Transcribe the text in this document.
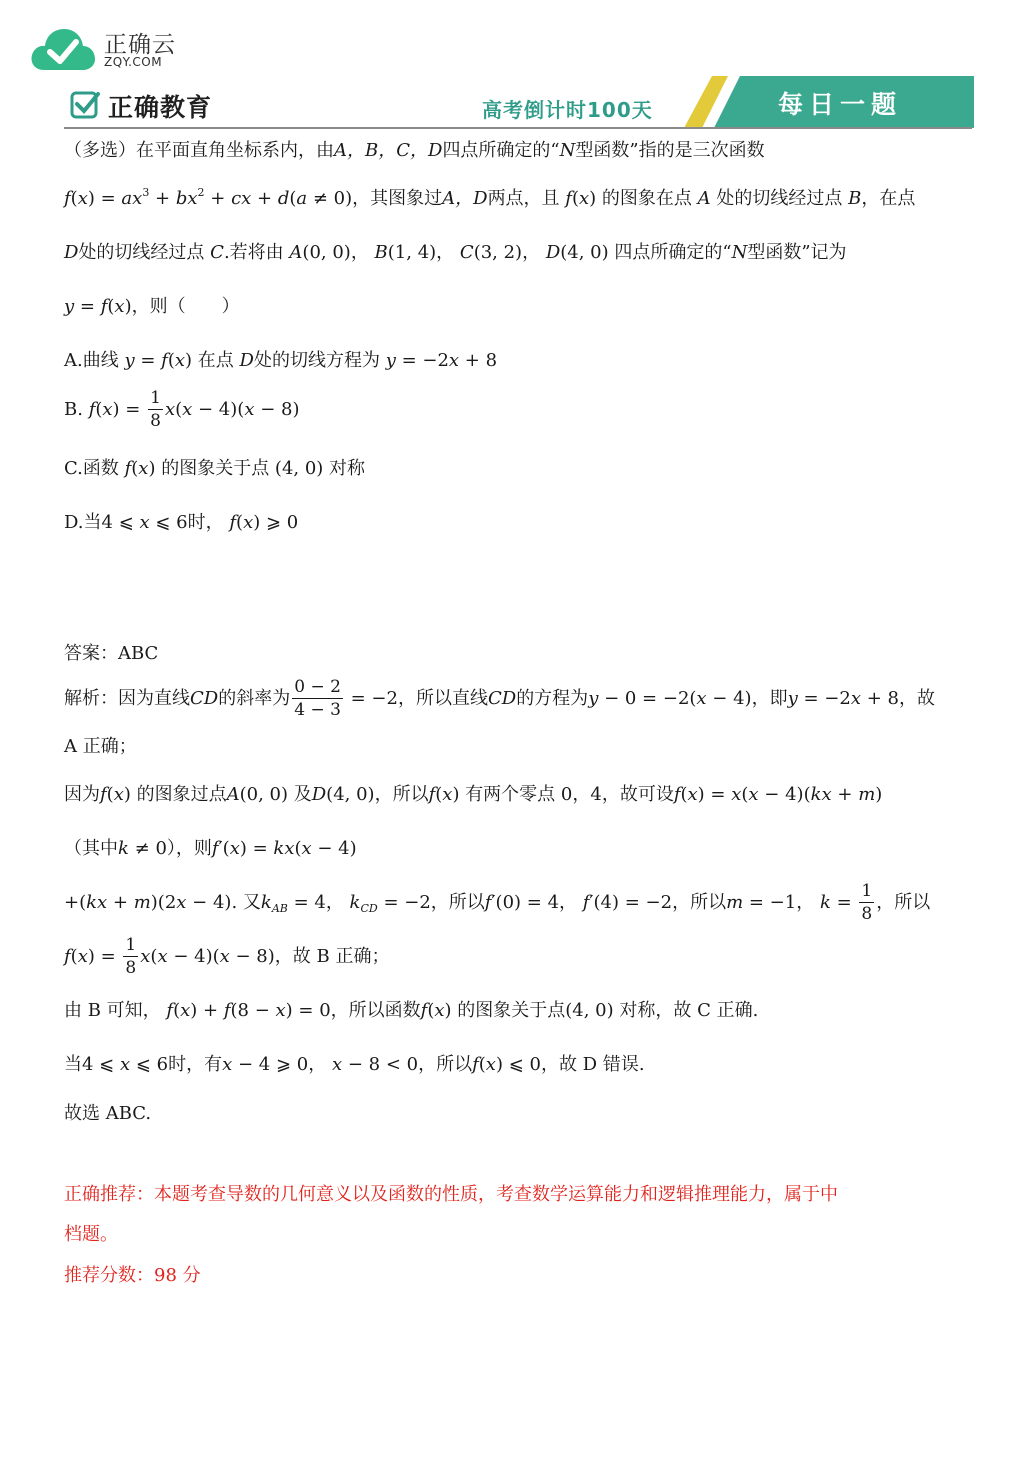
正确云
ZQY.COM
正确教育	高考倒计时100天	每日一题
（多选）在平面直角坐标系内，由A，B，C，D四点所确定的“N型函数”指的是三次函数
$f(x) = ax^3 + bx^2$ + cx + d(a ≠ 0)，其图象过A，D两点，且 f(x) 的图象在点 A 处的切线经过点 B，在点
D处的切线经过点 C.若将由 A(0, 0)， B(1, 4)， C(3, 2)， D(4, 0) 四点所确定的“N型函数”记为
y = f(x)，则（　　）
A.曲线 y = f(x) 在点 D处的切线方程为 y = −2x + 8
B. $f(x) = \frac{1}{8} x(x - 4)(x - 8)$
C.函数 f(x) 的图象关于点 (4, 0) 对称
D.当4 ⩽ x ⩽ 6时， f(x) ⩾ 0
答案：ABC
解析：因为直线CD的斜率为 $\frac{0 - 2}{4 - 3} = -2$，所以直线CD的方程为y − 0 = −2(x − 4)，即y = −2x + 8，故
A 正确；
因为f(x) 的图象过点A(0, 0) 及D(4, 0)，所以f(x) 有两个零点 0，4，故可设f(x) = x(x − 4)(kx + m)
（其中k ≠ 0），则f′(x) = kx(x − 4)
+(kx + m)(2x − 4). 又$k_{AB} = 4$， $k_{CD} = -2$，所以f′(0) = 4， f′(4) = −2，所以m = −1， $k = \frac{1}{8}$ ，所以
$f(x) = \frac{1}{8} x(x - 4)(x - 8)$，故 B 正确；
由 B 可知， f(x) + f(8 − x) = 0，所以函数f(x) 的图象关于点(4, 0) 对称，故 C 正确.
当4 ⩽ x ⩽ 6时，有x − 4 ⩾ 0， x − 8 < 0，所以f(x) ⩽ 0，故 D 错误.
故选 ABC.
正确推荐：本题考查导数的几何意义以及函数的性质，考查数学运算能力和逻辑推理能力，属于中
档题。
推荐分数：98 分
